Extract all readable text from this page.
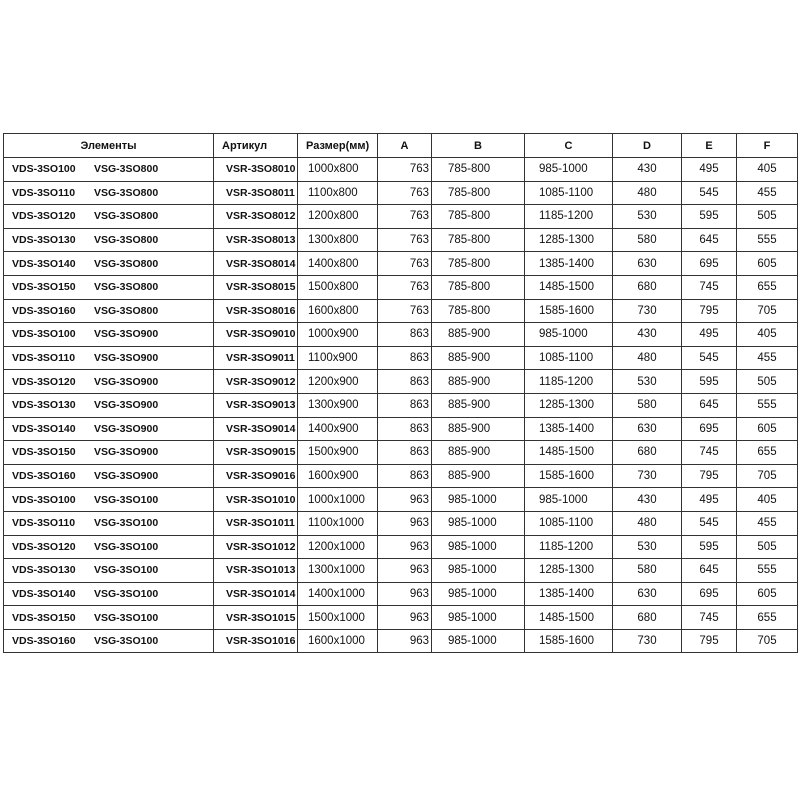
Элементы	Артикул	Размер(мм)	A	B	C	D	E	F
VDS-3SO100 VSG-3SO800	VSR-3SO8010	1000x800	763	785-800	985-1000	430	495	405
VDS-3SO110 VSG-3SO800	VSR-3SO8011	1100x800	763	785-800	1085-1100	480	545	455
VDS-3SO120 VSG-3SO800	VSR-3SO8012	1200x800	763	785-800	1185-1200	530	595	505
VDS-3SO130 VSG-3SO800	VSR-3SO8013	1300x800	763	785-800	1285-1300	580	645	555
VDS-3SO140 VSG-3SO800	VSR-3SO8014	1400x800	763	785-800	1385-1400	630	695	605
VDS-3SO150 VSG-3SO800	VSR-3SO8015	1500x800	763	785-800	1485-1500	680	745	655
VDS-3SO160 VSG-3SO800	VSR-3SO8016	1600x800	763	785-800	1585-1600	730	795	705
VDS-3SO100 VSG-3SO900	VSR-3SO9010	1000x900	863	885-900	985-1000	430	495	405
VDS-3SO110 VSG-3SO900	VSR-3SO9011	1100x900	863	885-900	1085-1100	480	545	455
VDS-3SO120 VSG-3SO900	VSR-3SO9012	1200x900	863	885-900	1185-1200	530	595	505
VDS-3SO130 VSG-3SO900	VSR-3SO9013	1300x900	863	885-900	1285-1300	580	645	555
VDS-3SO140 VSG-3SO900	VSR-3SO9014	1400x900	863	885-900	1385-1400	630	695	605
VDS-3SO150 VSG-3SO900	VSR-3SO9015	1500x900	863	885-900	1485-1500	680	745	655
VDS-3SO160 VSG-3SO900	VSR-3SO9016	1600x900	863	885-900	1585-1600	730	795	705
VDS-3SO100 VSG-3SO100	VSR-3SO1010	1000x1000	963	985-1000	985-1000	430	495	405
VDS-3SO110 VSG-3SO100	VSR-3SO1011	1100x1000	963	985-1000	1085-1100	480	545	455
VDS-3SO120 VSG-3SO100	VSR-3SO1012	1200x1000	963	985-1000	1185-1200	530	595	505
VDS-3SO130 VSG-3SO100	VSR-3SO1013	1300x1000	963	985-1000	1285-1300	580	645	555
VDS-3SO140 VSG-3SO100	VSR-3SO1014	1400x1000	963	985-1000	1385-1400	630	695	605
VDS-3SO150 VSG-3SO100	VSR-3SO1015	1500x1000	963	985-1000	1485-1500	680	745	655
VDS-3SO160 VSG-3SO100	VSR-3SO1016	1600x1000	963	985-1000	1585-1600	730	795	705
